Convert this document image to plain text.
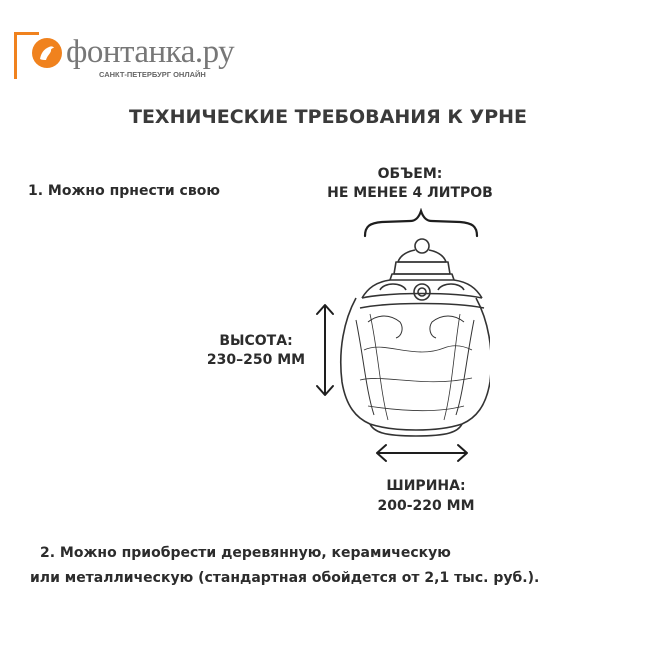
фонтанка.ру
САНКТ-ПЕТЕРБУРГ ОНЛАЙН
ТЕХНИЧЕСКИЕ ТРЕБОВАНИЯ К УРНЕ
1. Можно прнести свою
ОБЪЕМ:
НЕ МЕНЕЕ 4 ЛИТРОВ
ВЫСОТА:
230–250 ММ
ШИРИНА:
200-220 ММ
2. Можно приобрести деревянную, керамическую
или металлическую (стандартная обойдется от 2,1 тыс. руб.).
